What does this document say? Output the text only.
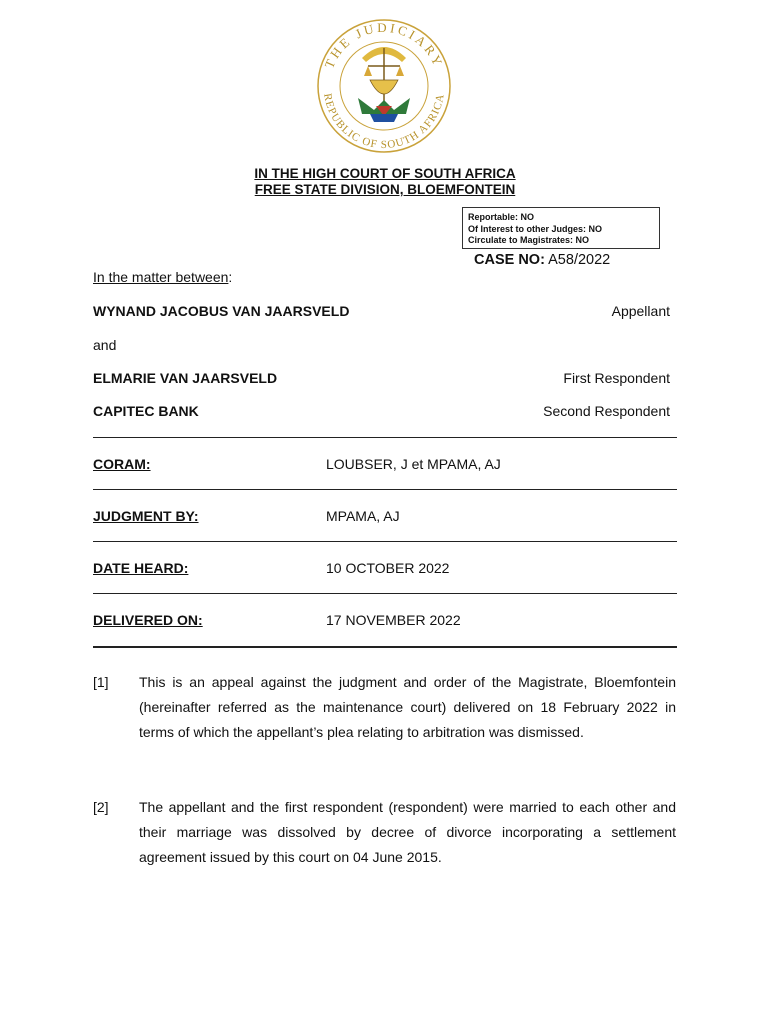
THE JUDICIARY
REPUBLIC OF SOUTH AFRICA
IN THE HIGH COURT OF SOUTH AFRICA
FREE STATE DIVISION, BLOEMFONTEIN
Reportable: NO
Of Interest to other Judges: NO
Circulate to Magistrates: NO
CASE NO: A58/2022
In the matter between:
WYNAND JACOBUS VAN JAARSVELD	Appellant
and
ELMARIE VAN JAARSVELD	First Respondent
CAPITEC BANK	Second Respondent
CORAM:	LOUBSER, J et MPAMA, AJ
JUDGMENT BY:	MPAMA, AJ
DATE HEARD:	10 OCTOBER 2022
DELIVERED ON:	17 NOVEMBER 2022
[1] This is an appeal against the judgment and order of the Magistrate, Bloemfontein (hereinafter referred as the maintenance court) delivered on 18 February 2022 in terms of which the appellant’s plea relating to arbitration was dismissed.
[2] The appellant and the first respondent (respondent) were married to each other and their marriage was dissolved by decree of divorce incorporating a settlement agreement issued by this court on 04 June 2015.
